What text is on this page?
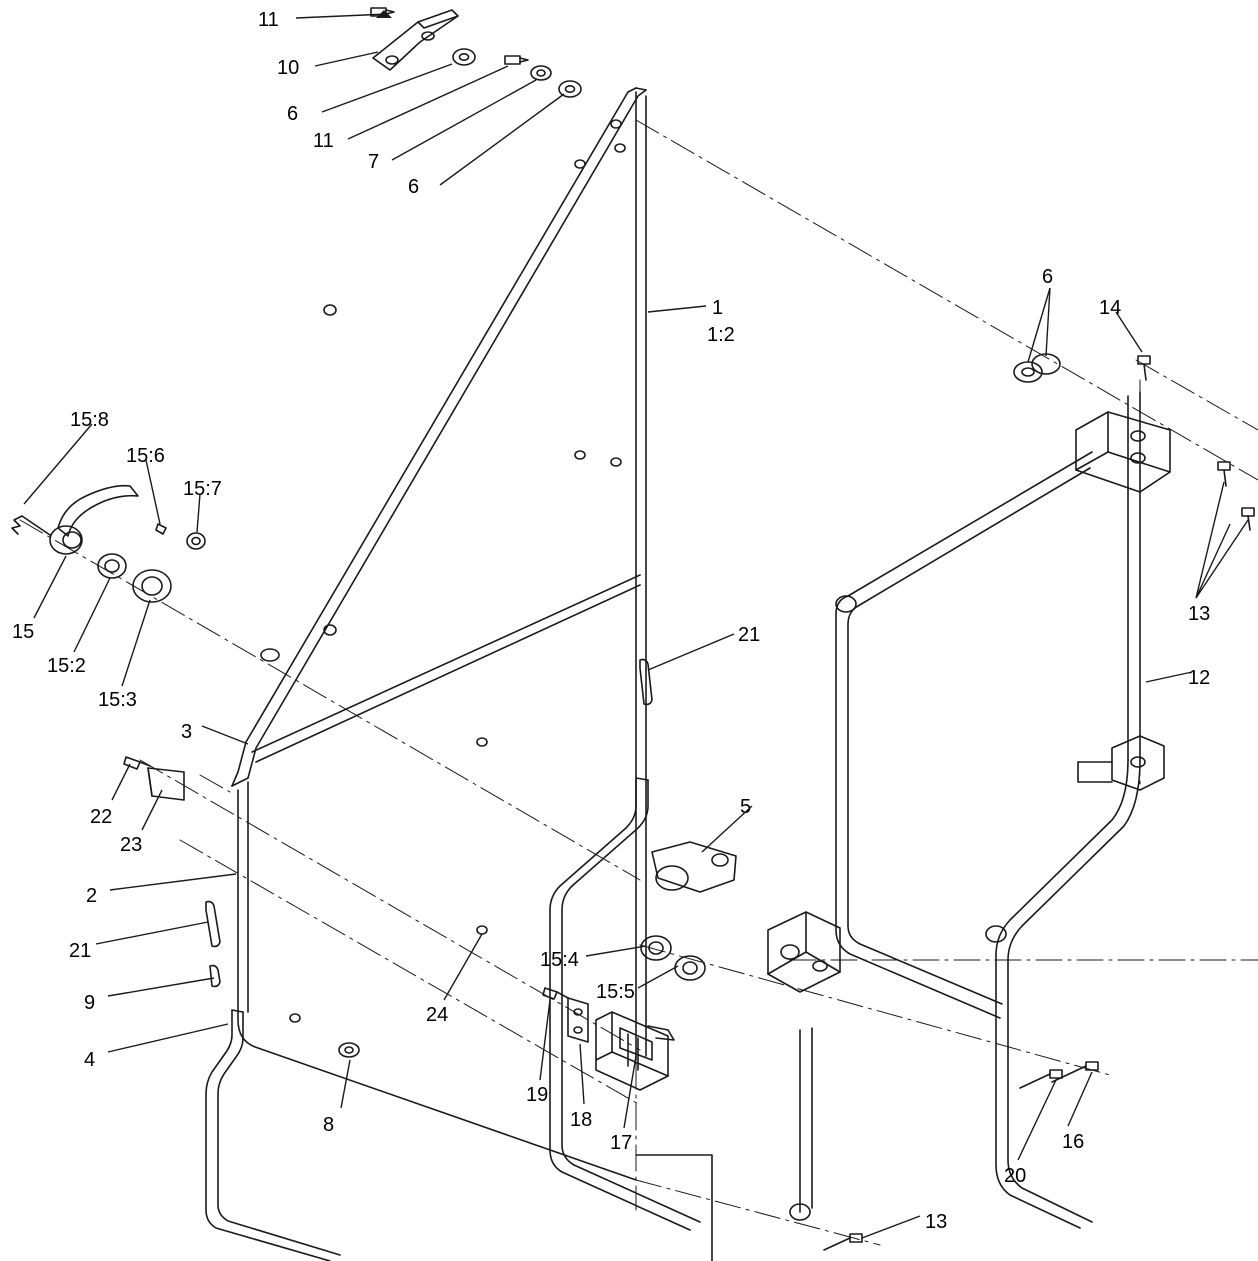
11
10
6
11
7
6
1
1:2
6
14
13
12
15:8
15:6
15:7
15
15:2
15:3
3
22
23
2
21
9
4
8
24
21
5
15:4
15:5
19
18
17	16
20
13
